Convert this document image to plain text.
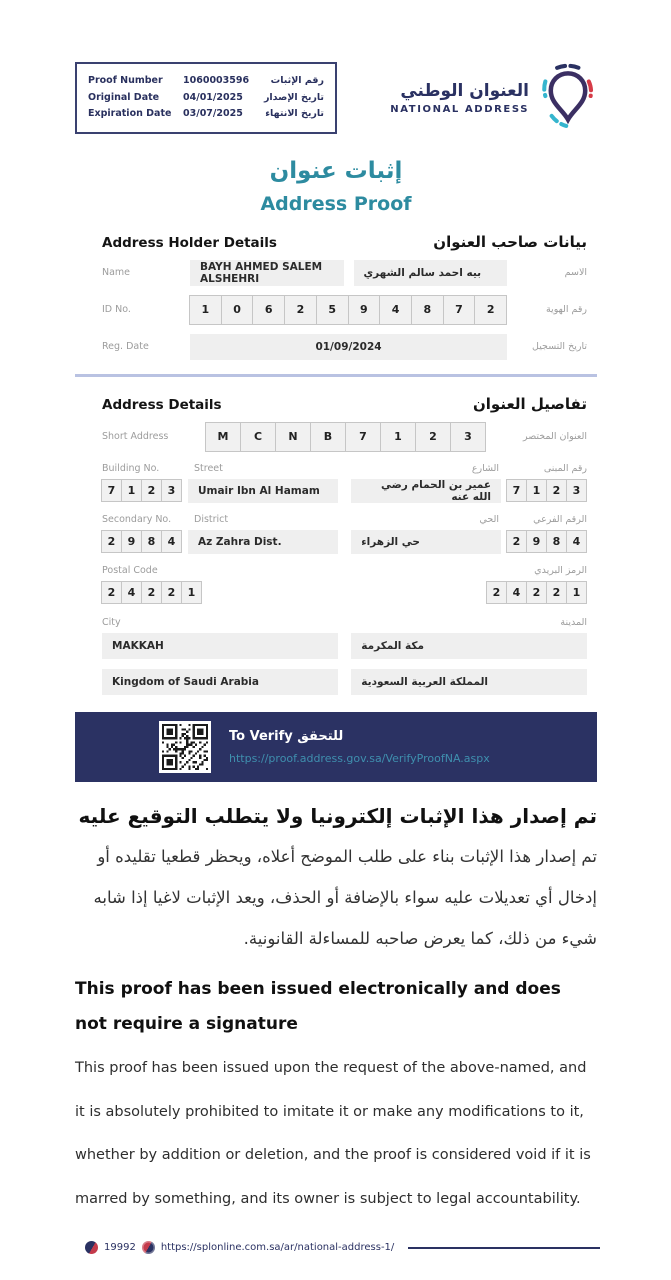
Proof Number	1060003596	رقم الإثبات
Original Date	04/01/2025	تاريخ الإصدار
Expiration Date	03/07/2025	تاريخ الانتهاء
العنوان الوطني
NATIONAL ADDRESS
إثبات عنوان
Address Proof
Address Holder Details	بيانات صاحب العنوان
Name	BAYH AHMED SALEM ALSHEHRI	بيه احمد سالم الشهري	الاسم
ID No.	1	0	6	2	5	9	4	8	7	2	رقم الهوية
Reg. Date	01/09/2024	تاريخ التسجيل
Address Details	تفاصيل العنوان
Short Address	M	C	N	B	7	1	2	3	العنوان المختصر
Building No.	Street
7	1	2	3	Umair Ibn Al Hamam
الشارع	رقم المبنى
عمير بن الحمام رضي الله عنه	7	1	2	3
Secondary No.	District
2	9	8	4	Az Zahra Dist.
الحي	الرقم الفرعي
حي الزهراء	2	9	8	4
Postal Code
2	4	2	2	1
الرمز البريدي
2	4	2	2	1
City	المدينة
MAKKAH	مكة المكرمة
Kingdom of Saudi Arabia	المملكة العربية السعودية
To Verify للتحقق
https://proof.address.gov.sa/VerifyProofNA.aspx
تم إصدار هذا الإثبات إلكترونيا ولا يتطلب التوقيع عليه

تم إصدار هذا الإثبات بناء على طلب الموضح أعلاه، ويحظر قطعيا تقليده أو إدخال أي تعديلات عليه سواء بالإضافة أو الحذف، ويعد الإثبات لاغيا إذا شابه شيء من ذلك، كما يعرض صاحبه للمساءلة القانونية.

This proof has been issued electronically and does not require a signature

This proof has been issued upon the request of the above-named, and it is absolutely prohibited to imitate it or make any modifications to it, whether by addition or deletion, and the proof is considered void if it is marred by something, and its owner is subject to legal accountability.

19992	https://splonline.com.sa/ar/national-address-1/
